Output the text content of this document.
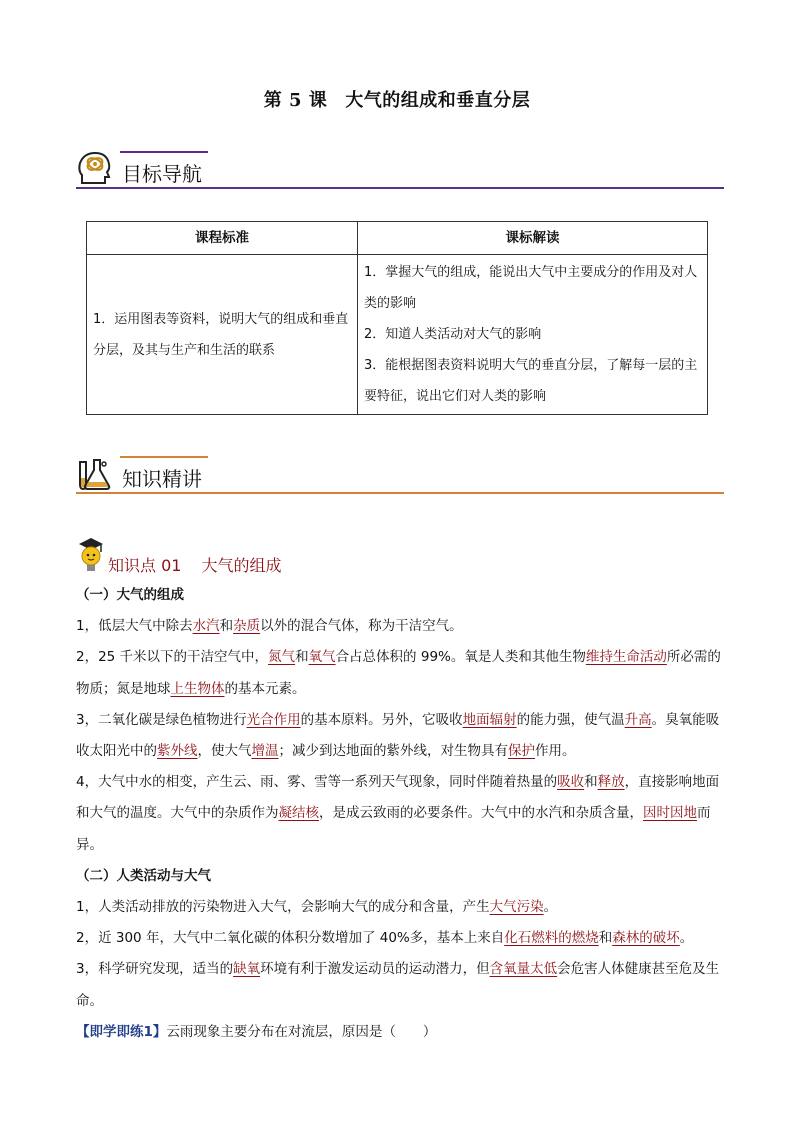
第 5 课 大气的组成和垂直分层
目标导航
课程标准	课标解读
1．运用图表等资料，说明大气的组成和垂直分层，及其与生产和生活的联系	1．掌握大气的组成，能说出大气中主要成分的作用及对人类的影响
2．知道人类活动对大气的影响
3．能根据图表资料说明大气的垂直分层，了解每一层的主要特征，说出它们对人类的影响
知识精讲
知识点 01 大气的组成

（一）大气的组成

1，低层大气中除去水汽和杂质以外的混合气体，称为干洁空气。

2，25 千米以下的干洁空气中，氮气和氧气合占总体积的 99%。氧是人类和其他生物维持生命活动所必需的物质；氮是地球上生物体的基本元素。

3，二氧化碳是绿色植物进行光合作用的基本原料。另外，它吸收地面辐射的能力强，使气温升高。臭氧能吸收太阳光中的紫外线，使大气增温；减少到达地面的紫外线，对生物具有保护作用。

4，大气中水的相变，产生云、雨、雾、雪等一系列天气现象，同时伴随着热量的吸收和释放，直接影响地面和大气的温度。大气中的杂质作为凝结核，是成云致雨的必要条件。大气中的水汽和杂质含量，因时因地而异。

（二）人类活动与大气

1，人类活动排放的污染物进入大气，会影响大气的成分和含量，产生大气污染。

2，近 300 年，大气中二氧化碳的体积分数增加了 40%多，基本上来自化石燃料的燃烧和森林的破坏。

3，科学研究发现，适当的缺氧环境有利于激发运动员的运动潜力，但含氧量太低会危害人体健康甚至危及生命。

【即学即练1】云雨现象主要分布在对流层，原因是（　　）
